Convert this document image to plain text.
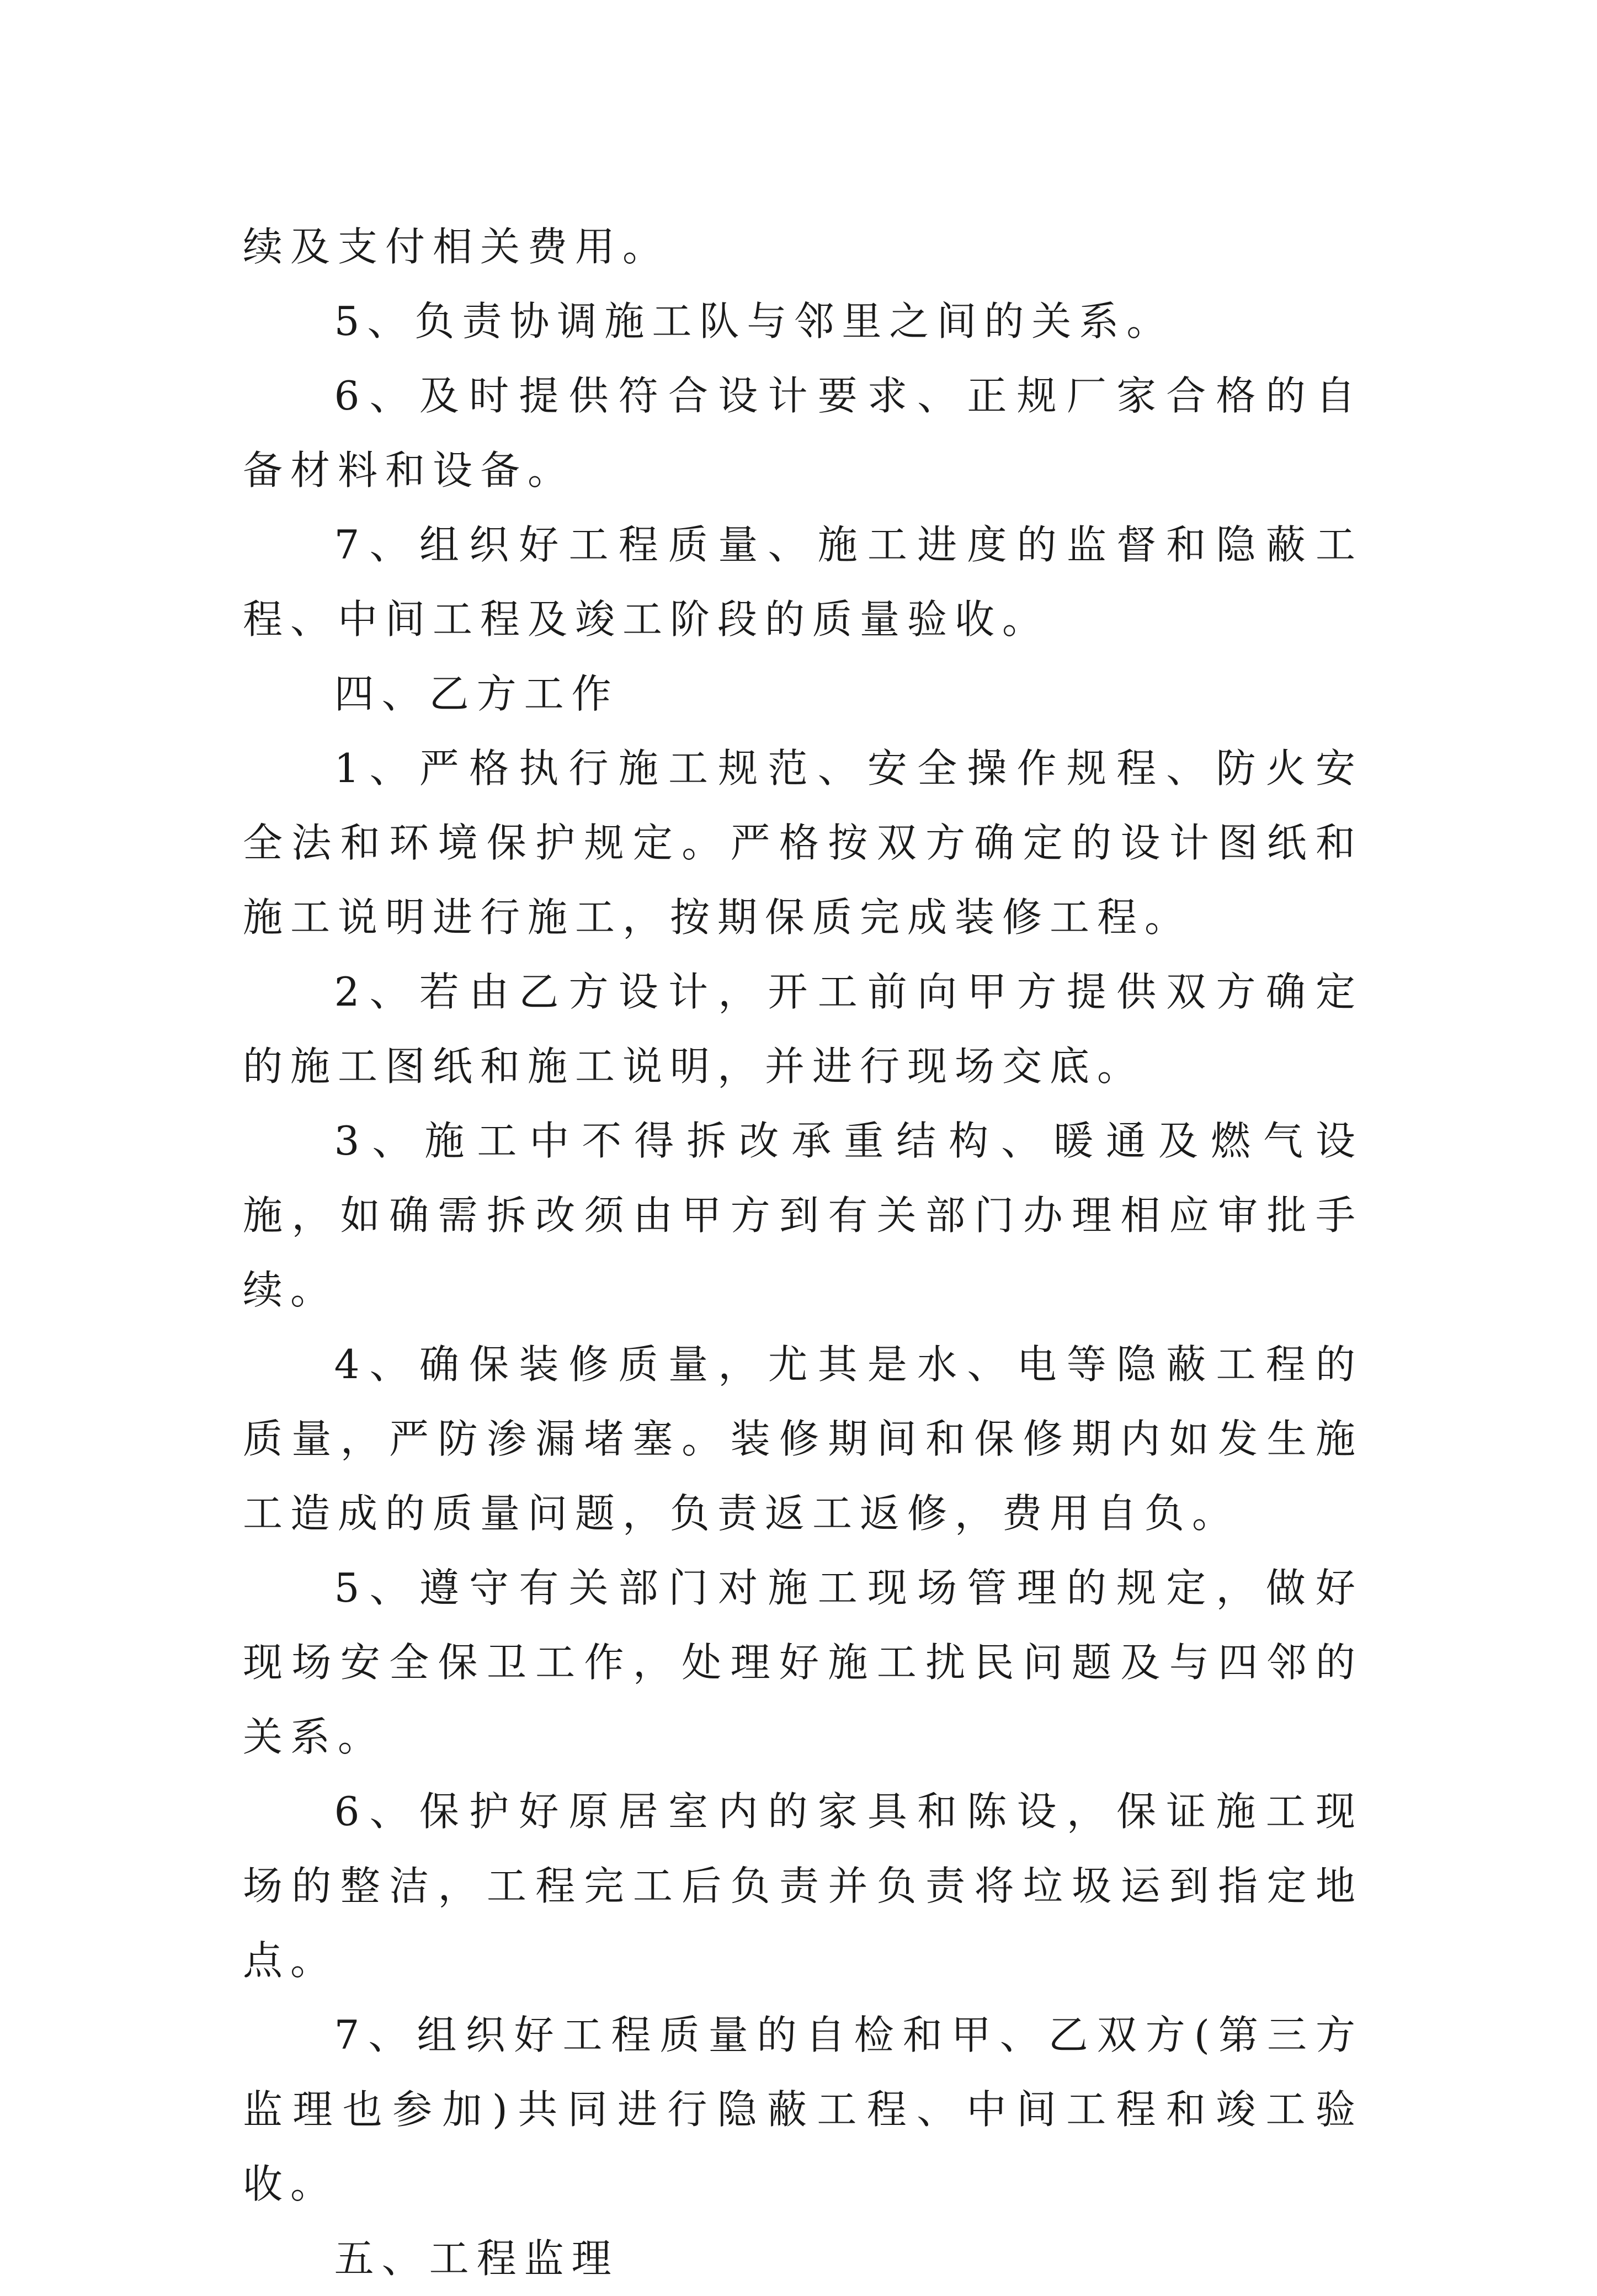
续及支付相关费用。

5、负责协调施工队与邻里之间的关系。

6、及时提供符合设计要求、正规厂家合格的自备材料和设备。

7、组织好工程质量、施工进度的监督和隐蔽工程、中间工程及竣工阶段的质量验收。

四、乙方工作

1、严格执行施工规范、安全操作规程、防火安全法和环境保护规定。严格按双方确定的设计图纸和施工说明进行施工，按期保质完成装修工程。

2、若由乙方设计，开工前向甲方提供双方确定的施工图纸和施工说明，并进行现场交底。

3、施工中不得拆改承重结构、暖通及燃气设施，如确需拆改须由甲方到有关部门办理相应审批手续。

4、确保装修质量，尤其是水、电等隐蔽工程的质量，严防渗漏堵塞。装修期间和保修期内如发生施工造成的质量问题，负责返工返修，费用自负。

5、遵守有关部门对施工现场管理的规定，做好现场安全保卫工作，处理好施工扰民问题及与四邻的关系。

6、保护好原居室内的家具和陈设，保证施工现场的整洁，工程完工后负责并负责将垃圾运到指定地点。

7、组织好工程质量的自检和甲、乙双方(第三方监理也参加)共同进行隐蔽工程、中间工程和竣工验收。

五、工程监理
